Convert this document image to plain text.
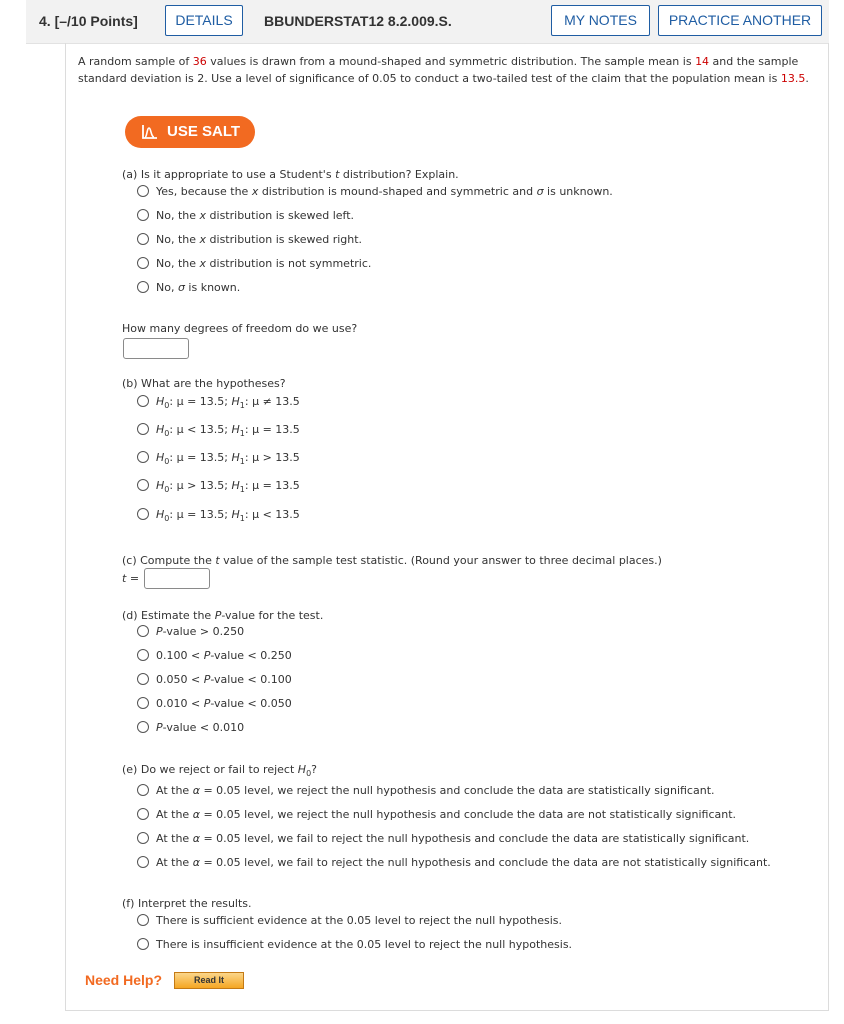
4. [–/10 Points]	DETAILS	BBUNDERSTAT12 8.2.009.S.	MY NOTES	PRACTICE ANOTHER
A random sample of 36 values is drawn from a mound-shaped and symmetric distribution. The sample mean is 14 and the sample standard deviation is 2. Use a level of significance of 0.05 to conduct a two-tailed test of the claim that the population mean is 13.5.
USE SALT
(a) Is it appropriate to use a Student's t distribution? Explain.
Yes, because the x distribution is mound-shaped and symmetric and σ is unknown.
No, the x distribution is skewed left.
No, the x distribution is skewed right.
No, the x distribution is not symmetric.
No, σ is known.
How many degrees of freedom do we use?
(b) What are the hypotheses?
$H_0$: μ = 13.5; $H_1$: μ ≠ 13.5
$H_0$: μ < 13.5; $H_1$: μ = 13.5
$H_0$: μ = 13.5; $H_1$: μ > 13.5
$H_0$: μ > 13.5; $H_1$: μ = 13.5
$H_0$: μ = 13.5; $H_1$: μ < 13.5
(c) Compute the t value of the sample test statistic. (Round your answer to three decimal places.)
t =
(d) Estimate the P-value for the test.
P-value > 0.250
0.100 < P-value < 0.250
0.050 < P-value < 0.100
0.010 < P-value < 0.050
P-value < 0.010
(e) Do we reject or fail to reject $H_0$?
At the α = 0.05 level, we reject the null hypothesis and conclude the data are statistically significant.
At the α = 0.05 level, we reject the null hypothesis and conclude the data are not statistically significant.
At the α = 0.05 level, we fail to reject the null hypothesis and conclude the data are statistically significant.
At the α = 0.05 level, we fail to reject the null hypothesis and conclude the data are not statistically significant.
(f) Interpret the results.
There is sufficient evidence at the 0.05 level to reject the null hypothesis.
There is insufficient evidence at the 0.05 level to reject the null hypothesis.
Need Help?	Read It
